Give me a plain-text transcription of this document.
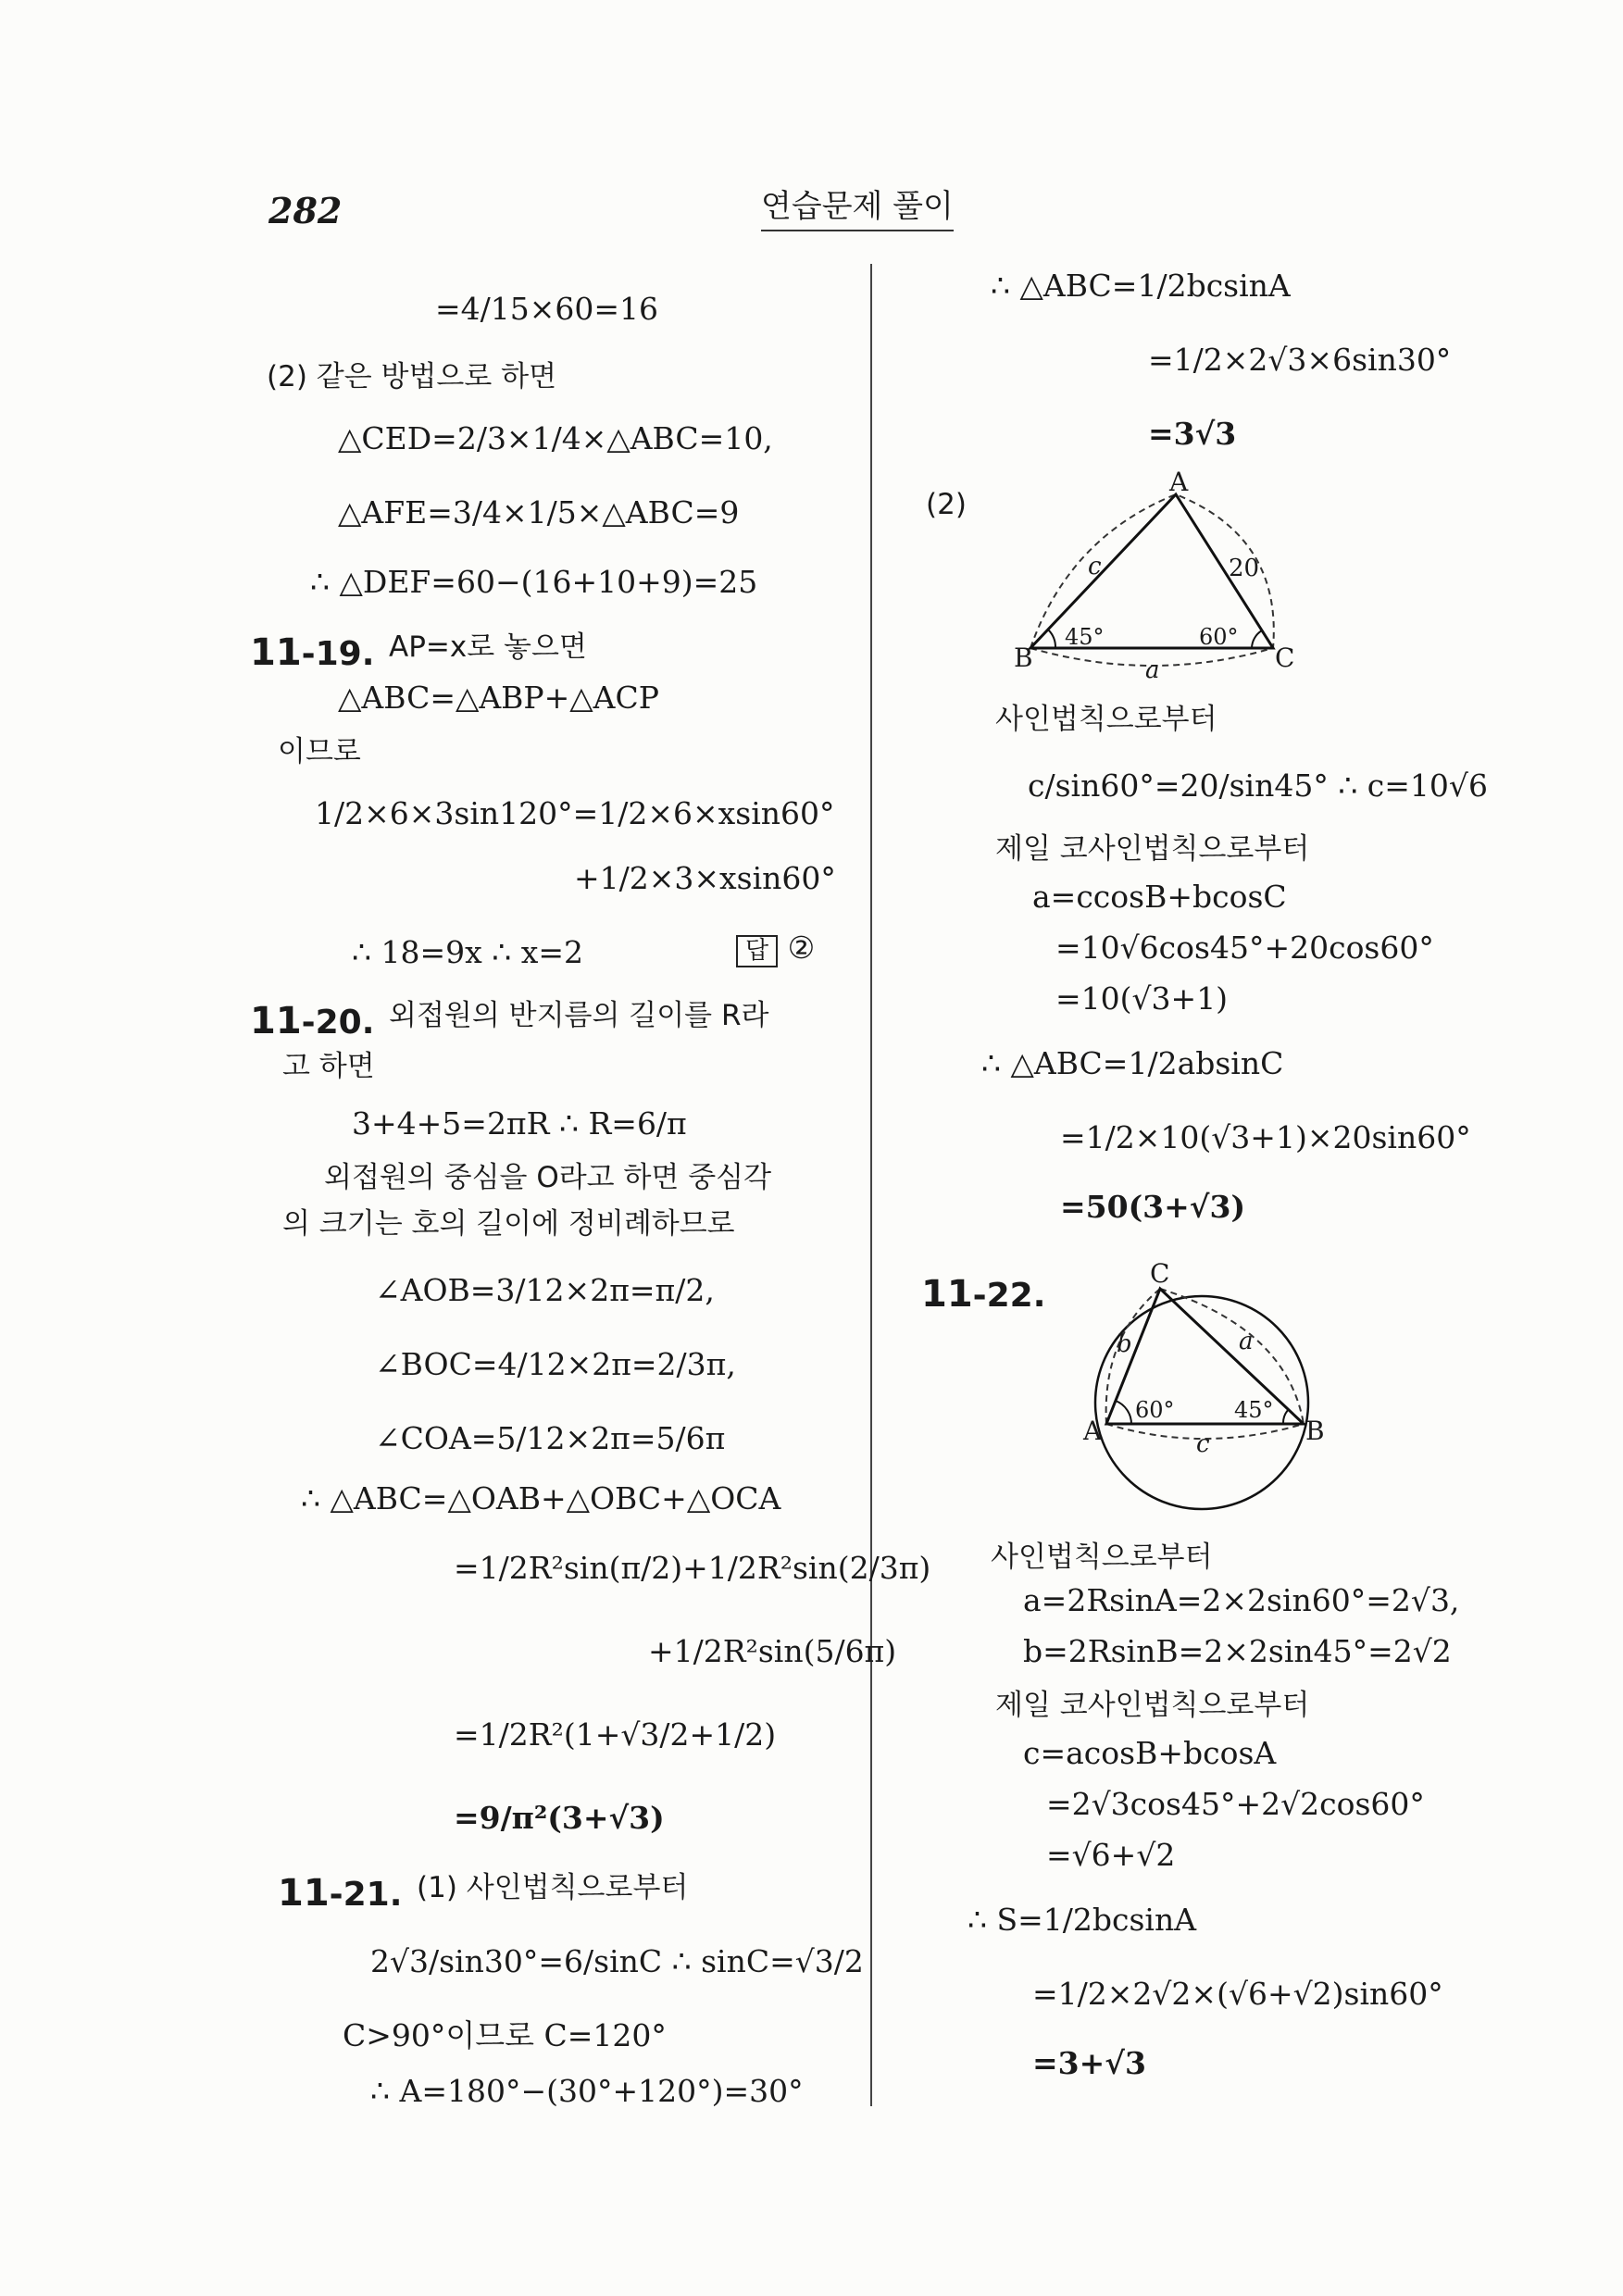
282	연습문제 풀이
=4/15×60=16
(2) 같은 방법으로 하면
△CED=2/3×1/4×△ABC=10,
△AFE=3/4×1/5×△ABC=9
∴ △DEF=60−(16+10+9)=25
11-19. AP=x로 놓으면
△ABC=△ABP+△ACP
이므로
1/2×6×3sin120°=1/2×6×xsin60°
+1/2×3×xsin60°
∴ 18=9x ∴ x=2	답 ②
11-20. 외접원의 반지름의 길이를 R라
고 하면
3+4+5=2πR ∴ R=6/π
외접원의 중심을 O라고 하면 중심각
의 크기는 호의 길이에 정비례하므로
∠AOB=3/12×2π=π/2,
∠BOC=4/12×2π=2/3π,
∠COA=5/12×2π=5/6π
∴ △ABC=△OAB+△OBC+△OCA
=1/2R²sin(π/2)+1/2R²sin(2/3π)
+1/2R²sin(5/6π)
=1/2R²(1+√3/2+1/2)
=9/π²(3+√3)
11-21. (1) 사인법칙으로부터
2√3/sin30°=6/sinC ∴ sinC=√3/2
C>90°이므로 C=120°
∴ A=180°−(30°+120°)=30°
∴ △ABC=1/2bcsinA
=1/2×2√3×6sin30°
=3√3
(2)
A
B	C
c	20
a
45°	60°
사인법칙으로부터
c/sin60°=20/sin45° ∴ c=10√6
제일 코사인법칙으로부터
a=ccosB+bcosC
=10√6cos45°+20cos60°
=10(√3+1)
∴ △ABC=1/2absinC
=1/2×10(√3+1)×20sin60°
=50(3+√3)
11-22.
C
A	B
b	a
c
60°	45°
사인법칙으로부터
a=2RsinA=2×2sin60°=2√3,
b=2RsinB=2×2sin45°=2√2
제일 코사인법칙으로부터
c=acosB+bcosA
=2√3cos45°+2√2cos60°
=√6+√2
∴ S=1/2bcsinA
=1/2×2√2×(√6+√2)sin60°
=3+√3
